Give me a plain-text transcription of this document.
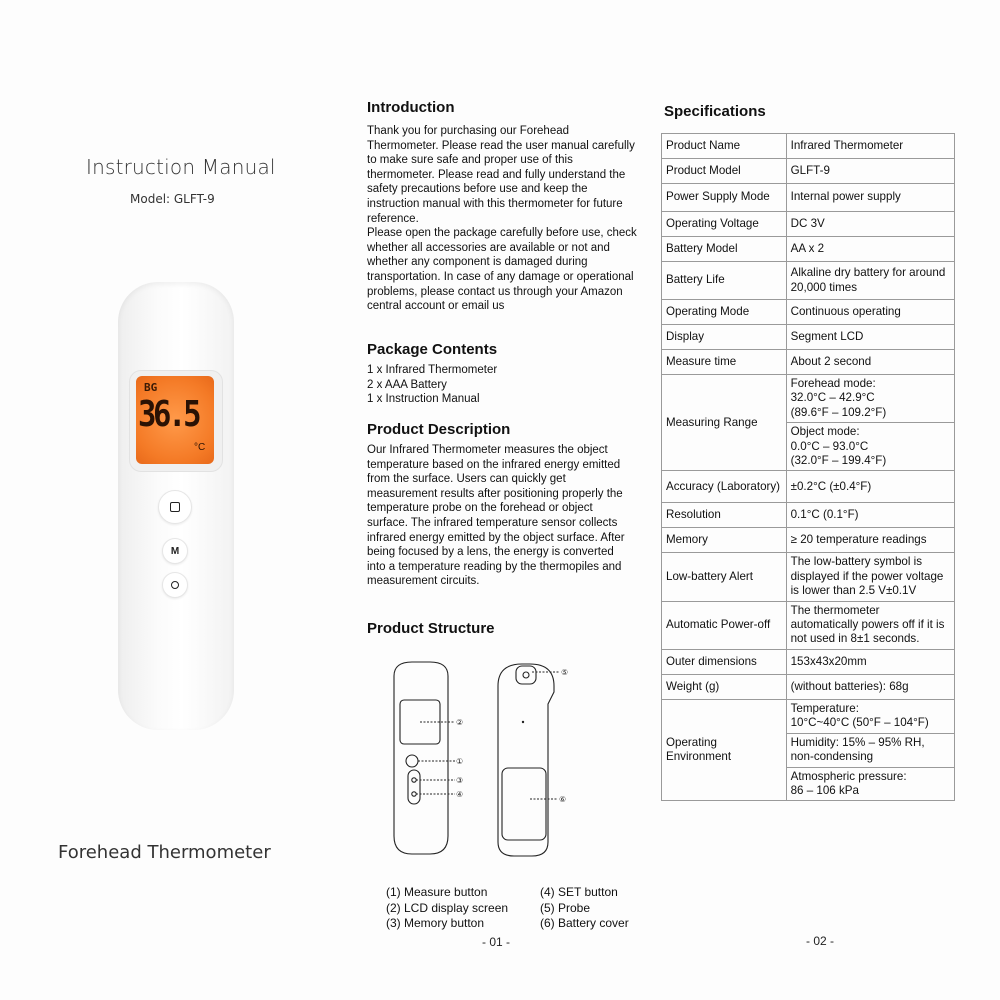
Instruction Manual
Model: GLFT-9
BG
36.5
°C
M
Forehead Thermometer
Introduction

Thank you for purchasing our Forehead Thermometer. Please read the user manual carefully to make sure safe and proper use of this thermometer. Please read and fully understand the safety precautions before use and keep the instruction manual with this thermometer for future reference.

Please open the package carefully before use, check whether all accessories are available or not and whether any component is damaged during transportation. In case of any damage or operational problems, please contact us through your Amazon central account or email us

Package Contents
1 x Infrared Thermometer
2 x AAA Battery
1 x Instruction Manual
Product Description
Our Infrared Thermometer measures the object temperature based on the infrared energy emitted from the surface. Users can quickly get measurement results after positioning properly the temperature probe on the forehead or object surface. The infrared temperature sensor collects infrared energy emitted by the object surface. After being focused by a lens, the energy is converted into a temperature reading by the thermopiles and measurement circuits.
Product Structure
②
①
③
④
⑤
⑥
(1) Measure button
(2) LCD display screen
(3) Memory button
(4) SET button
(5) Probe
(6) Battery cover
- 01 -
Specifications
Product Name	Infrared Thermometer
Product Model	GLFT-9
Power Supply Mode	Internal power supply
Operating Voltage	DC 3V
Battery Model	AA x 2
Battery Life	Alkaline dry battery for around 20,000 times
Operating Mode	Continuous operating
Display	Segment LCD
Measure time	About 2 second
Measuring Range	Forehead mode:
32.0°C – 42.9°C
(89.6°F – 109.2°F)

	Object mode:
0.0°C – 93.0°C
(32.0°F – 199.4°F)

Accuracy (Laboratory)	±0.2°C (±0.4°F)
Resolution	0.1°C (0.1°F)
Memory	≥ 20 temperature readings
Low-battery Alert	The low-battery symbol is displayed if the power voltage is lower than 2.5 V±0.1V
Automatic Power-off	The thermometer automatically powers off if it is not used in 8±1 seconds.
Outer dimensions	153x43x20mm
Weight (g)	(without batteries): 68g
Operating Environment	Temperature:
10°C~40°C (50°F – 104°F)

	Humidity: 15% – 95% RH, non-condensing

	Atmospheric pressure:
86 – 106 kPa
- 02 -
